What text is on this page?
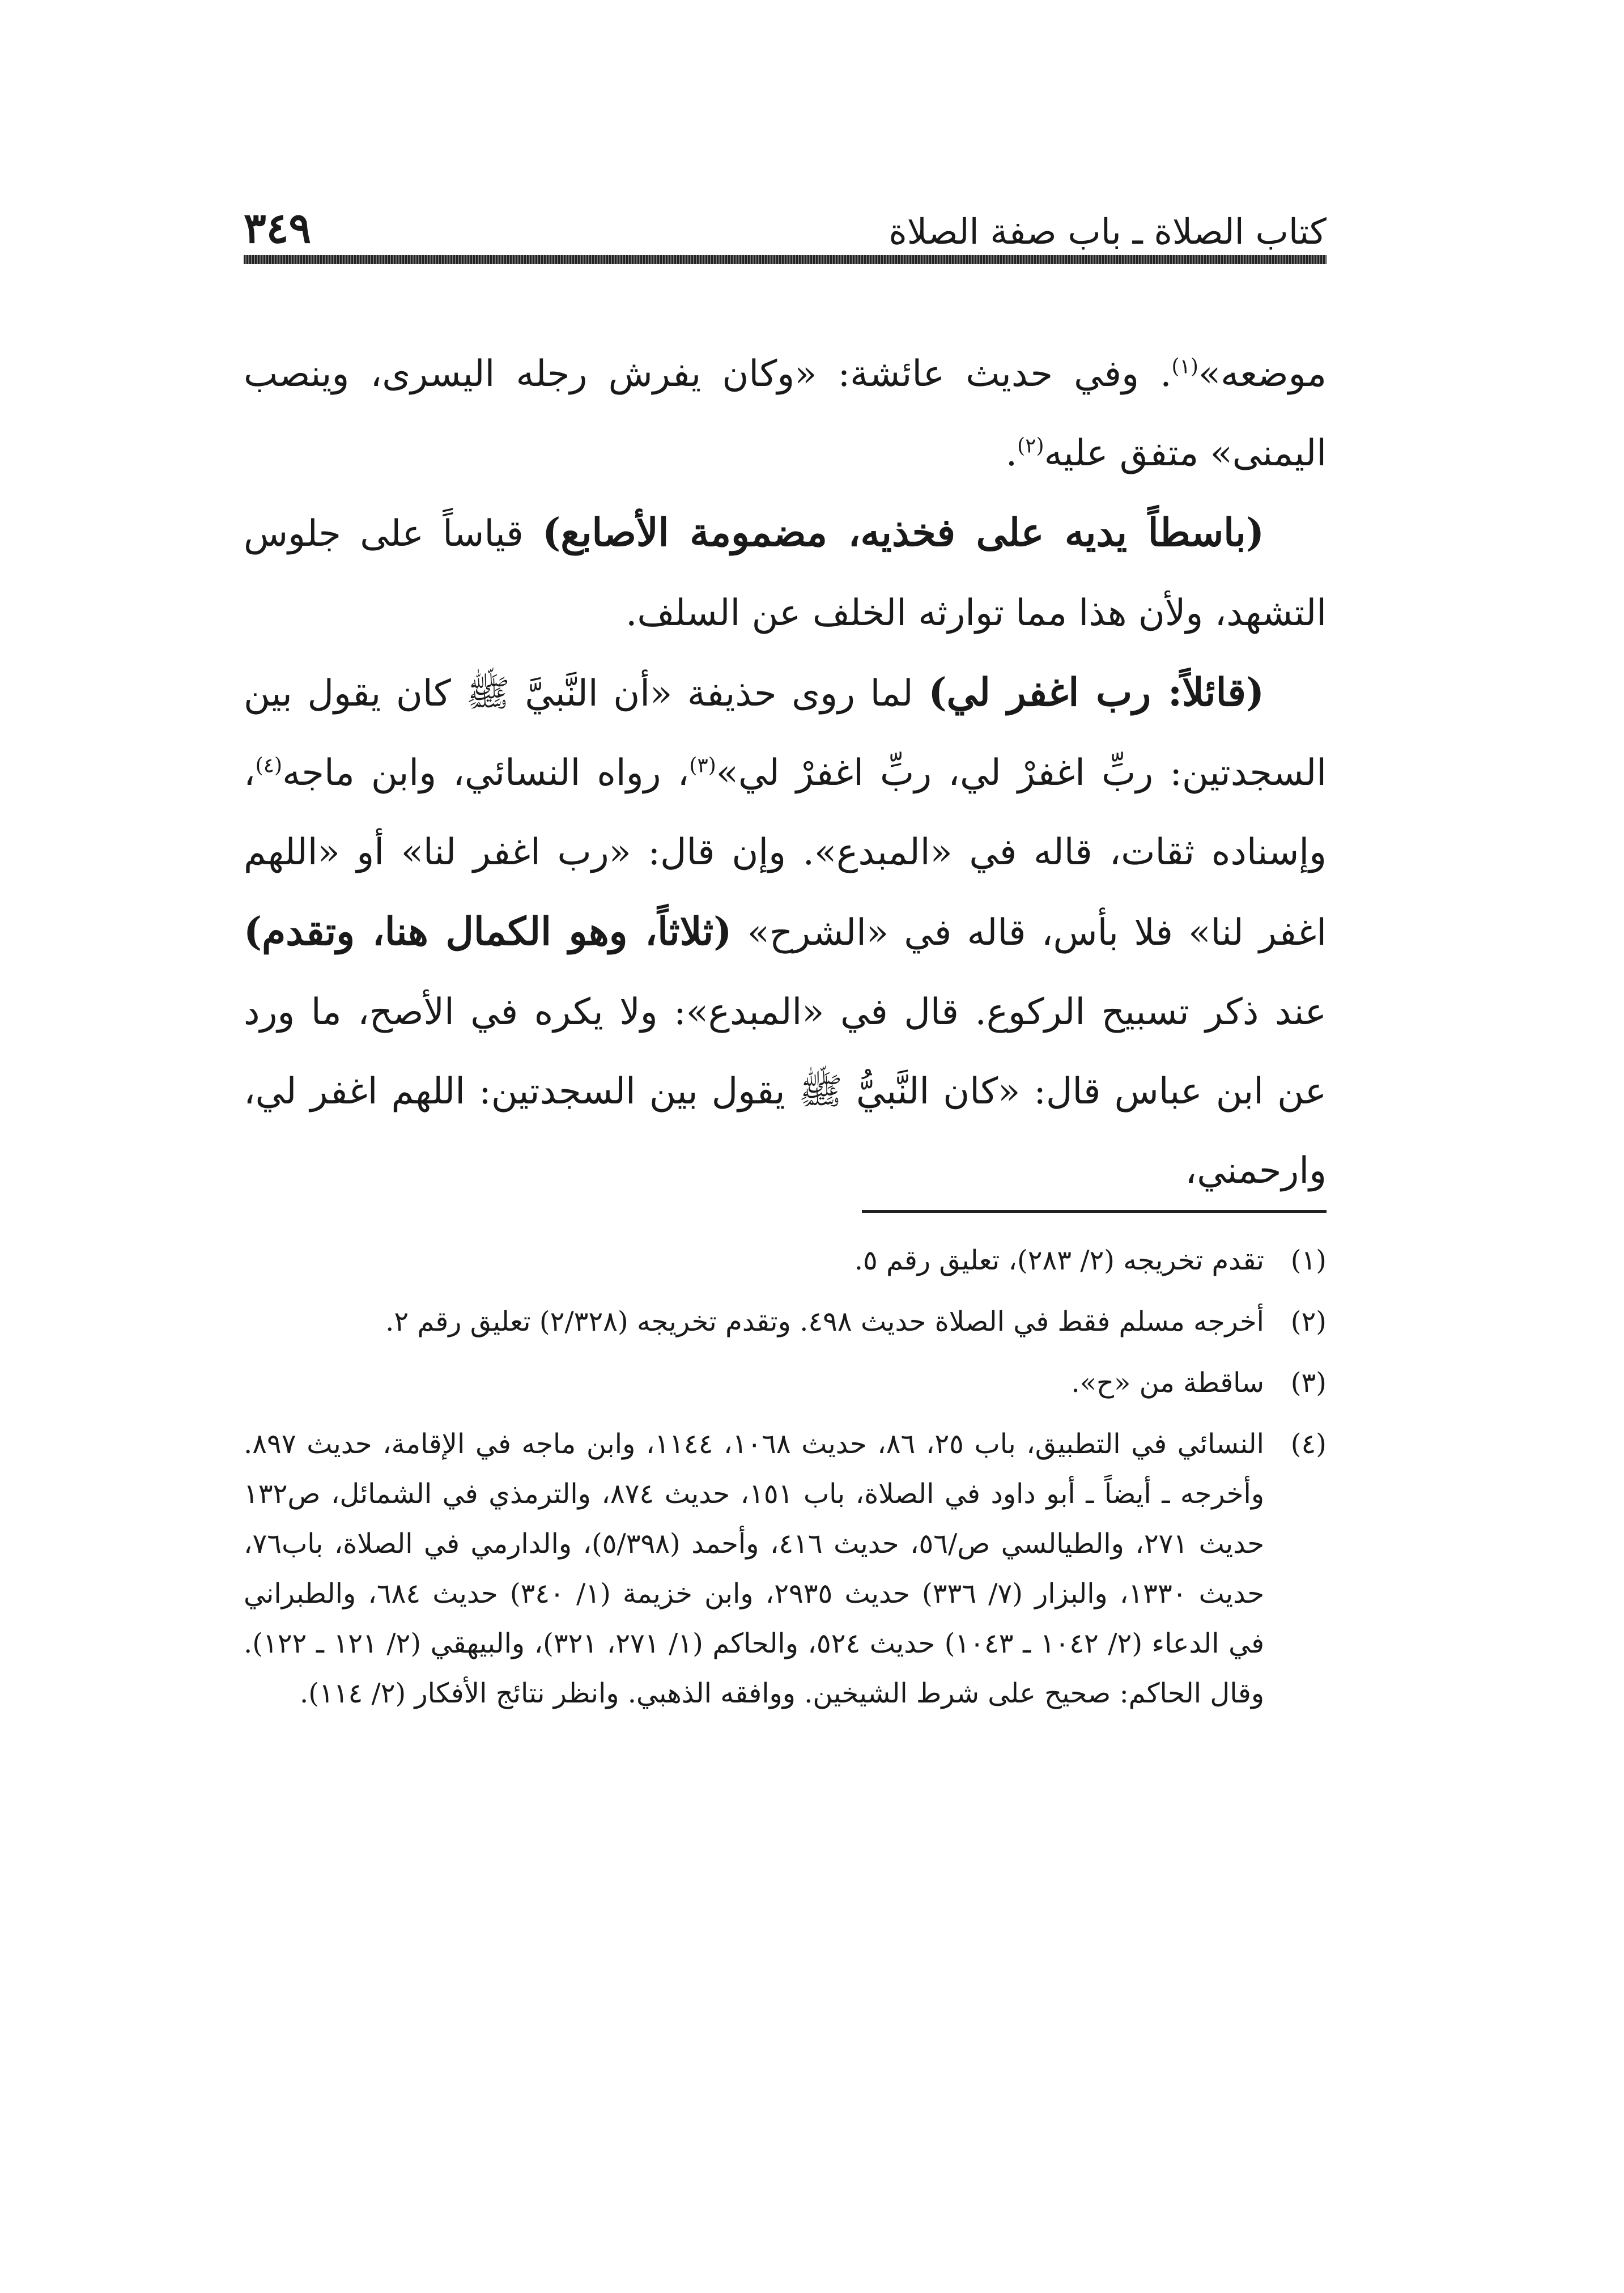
كتاب الصلاة ـ باب صفة الصلاة
٣٤٩

موضعه»$^{(١)}$. وفي حديث عائشة: «وكان يفرش رجله اليسرى، وينصب اليمنى» متفق عليه$^{(٢)}$.

(باسطاً يديه على فخذيه، مضمومة الأصابع) قياساً على جلوس التشهد، ولأن هذا مما توارثه الخلف عن السلف.

(قائلاً: رب اغفر لي) لما روى حذيفة «أن النَّبيَّ ﷺ كان يقول بين السجدتين: ربِّ اغفرْ لي، ربِّ اغفرْ لي»$^{(٣)}$، رواه النسائي، وابن ماجه$^{(٤)}$، وإسناده ثقات، قاله في «المبدع». وإن قال: «رب اغفر لنا» أو «اللهم اغفر لنا» فلا بأس، قاله في «الشرح» (ثلاثاً، وهو الكمال هنا، وتقدم) عند ذكر تسبيح الركوع. قال في «المبدع»: ولا يكره في الأصح، ما ورد عن ابن عباس قال: «كان النَّبيُّ ﷺ يقول بين السجدتين: اللهم اغفر لي، وارحمني،

(١)
تقدم تخريجه (٢/ ٢٨٣)، تعليق رقم ٥.
(٢)
أخرجه مسلم فقط في الصلاة حديث ٤٩٨. وتقدم تخريجه (٢/٣٢٨) تعليق رقم ٢.
(٣)
ساقطة من «ح».
(٤)
النسائي في التطبيق، باب ٢٥، ٨٦، حديث ١٠٦٨، ١١٤٤، وابن ماجه في الإقامة، حديث ٨٩٧. وأخرجه ـ أيضاً ـ أبو داود في الصلاة، باب ١٥١، حديث ٨٧٤، والترمذي في الشمائل، ص١٣٢ حديث ٢٧١، والطيالسي ص/٥٦، حديث ٤١٦، وأحمد (٥/٣٩٨)، والدارمي في الصلاة، باب٧٦، حديث ١٣٣٠، والبزار (٧/ ٣٣٦) حديث ٢٩٣٥، وابن خزيمة (١/ ٣٤٠) حديث ٦٨٤، والطبراني في الدعاء (٢/ ١٠٤٢ ـ ١٠٤٣) حديث ٥٢٤، والحاكم (١/ ٢٧١، ٣٢١)، والبيهقي (٢/ ١٢١ ـ ١٢٢). وقال الحاكم: صحيح على شرط الشيخين. ووافقه الذهبي. وانظر نتائج الأفكار (٢/ ١١٤).
